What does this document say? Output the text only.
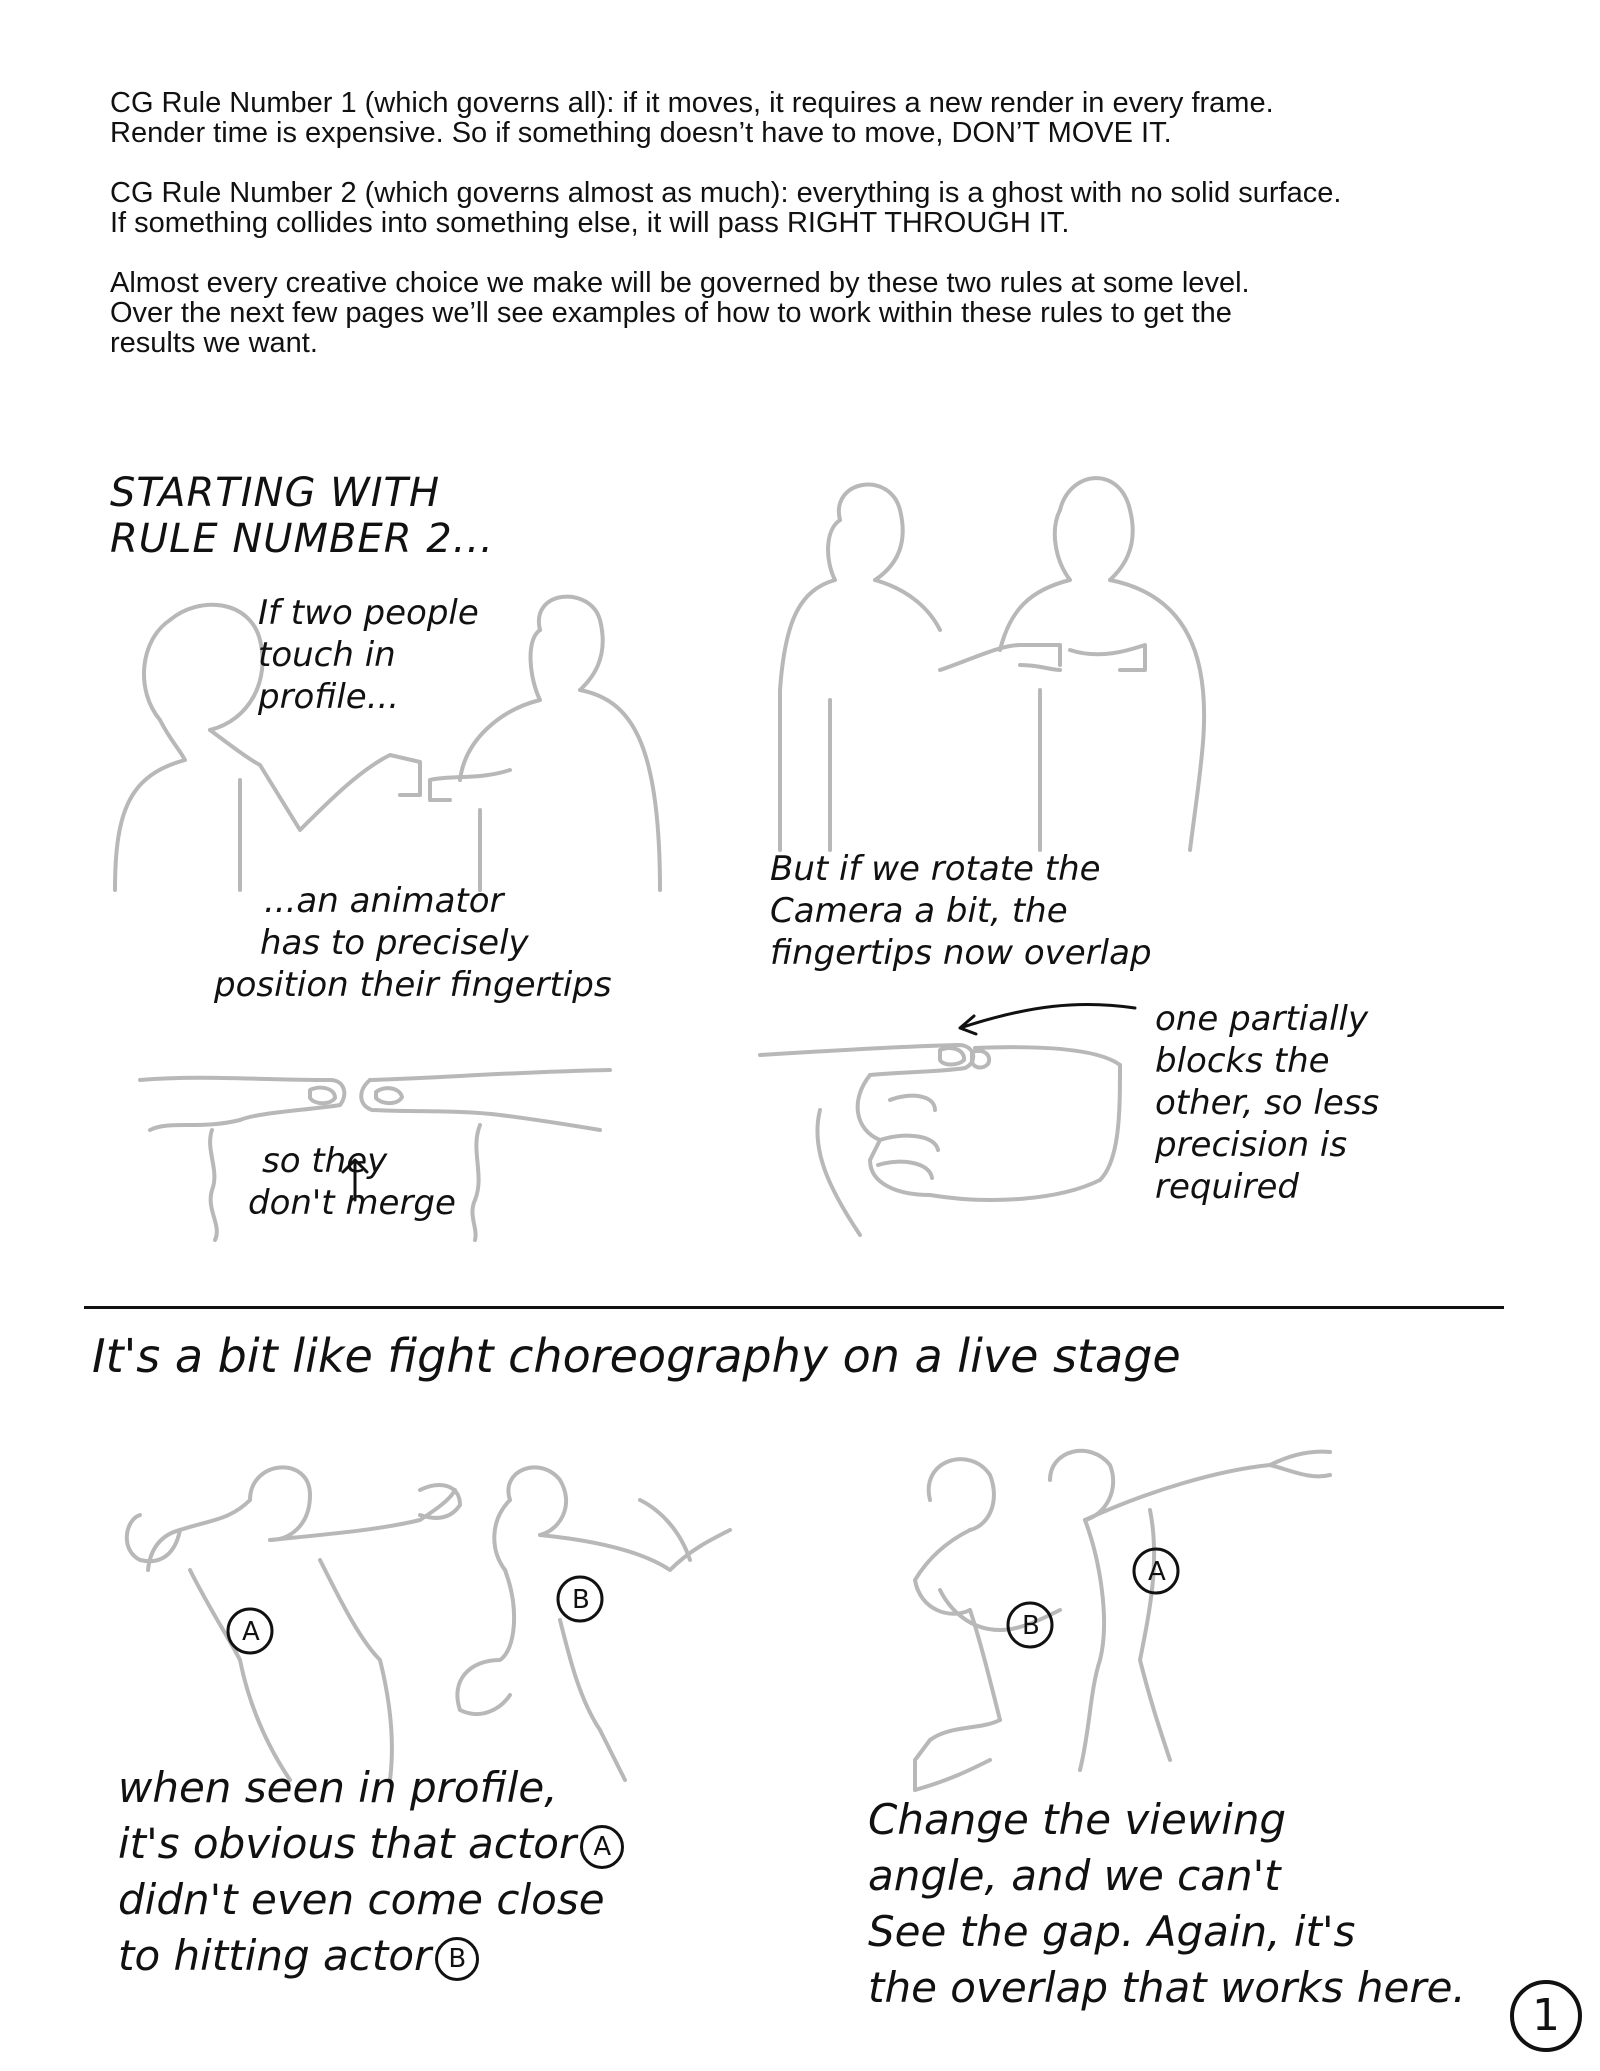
CG Rule Number 1 (which governs all): if it moves, it requires a new render in every frame.
Render time is expensive. So if something doesn’t have to move, DON’T MOVE IT.

CG Rule Number 2 (which governs almost as much): everything is a ghost with no solid surface.
If something collides into something else, it will pass RIGHT THROUGH IT.

Almost every creative choice we make will be governed by these two rules at some level.
Over the next few pages we’ll see examples of how to work within these rules to get the
results we want.

STARTING WITH
RULE NUMBER 2...
If two people
touch in
profile...
...an animator
has to precisely
position their fingertips
But if we rotate the
Camera a bit, the
fingertips now overlap
so they
don't merge
one partially
blocks the
other, so less
precision is
required
It's a bit like fight choreography on a live stage
A
B
B
A
when seen in profile,
it's obvious that actor A
didn't even come close
to hitting actor B
Change the viewing
angle, and we can't
See the gap. Again, it's
the overlap that works here.
1
